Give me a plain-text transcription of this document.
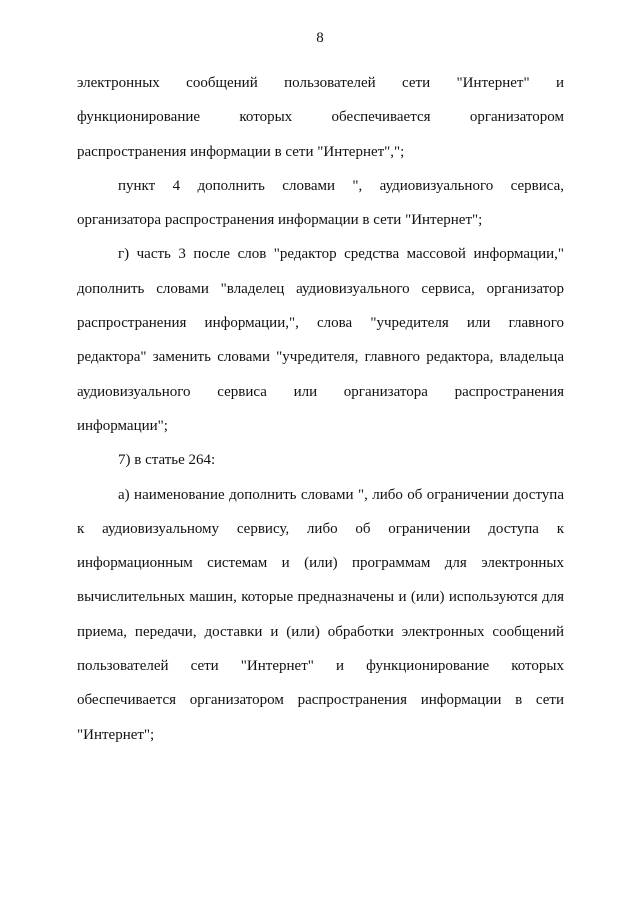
8

электронных сообщений пользователей сети "Интернет" и
функционирование которых обеспечивается организатором
распространения информации в сети "Интернет",";

пункт 4 дополнить словами ", аудиовизуального сервиса,
организатора распространения информации в сети "Интернет";

г) часть 3 после слов "редактор средства массовой информации,"
дополнить словами "владелец аудиовизуального сервиса, организатор
распространения информации,", слова "учредителя или главного
редактора" заменить словами "учредителя, главного редактора, владельца
аудиовизуального сервиса или организатора распространения
информации";

7) в статье 264:

а) наименование дополнить словами ", либо об ограничении доступа
к аудиовизуальному сервису, либо об ограничении доступа к
информационным системам и (или) программам для электронных
вычислительных машин, которые предназначены и (или) используются для
приема, передачи, доставки и (или) обработки электронных сообщений
пользователей сети "Интернет" и функционирование которых
обеспечивается организатором распространения информации в сети
"Интернет";
